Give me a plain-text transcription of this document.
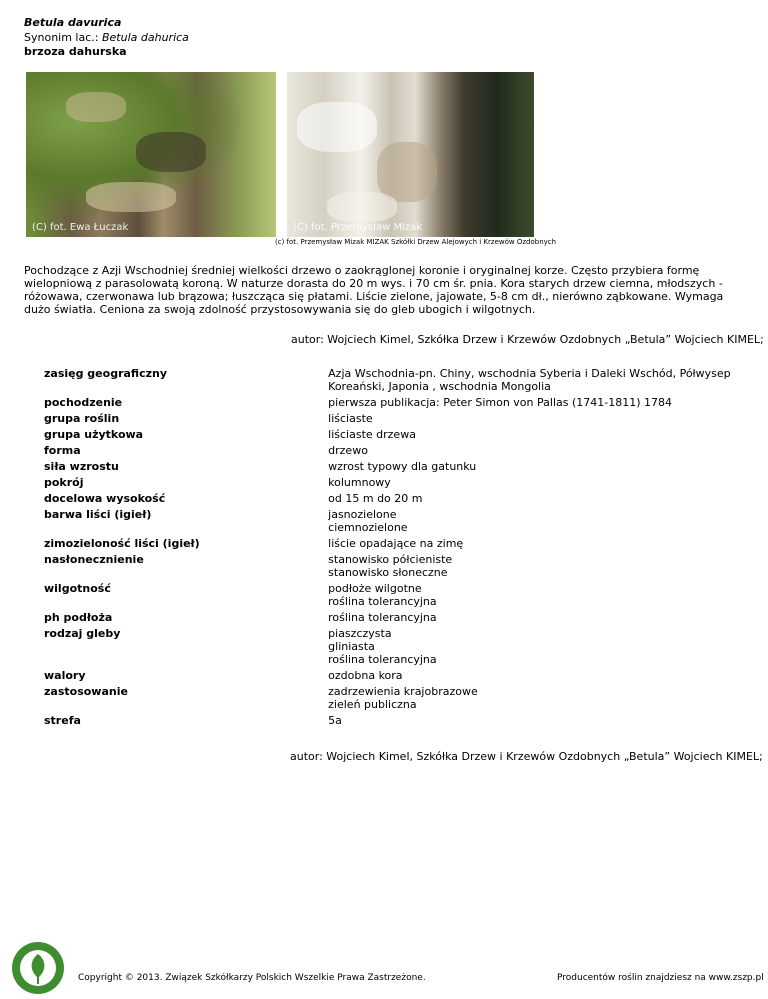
Betula davurica
Synonim lac.: Betula dahurica
brzoza dahurska
(C) fot. Ewa Łuczak	(C) fot. Przemysław Mizak
(c) fot. Przemysław Mizak MIZAK Szkółki Drzew Alejowych i Krzewów Ozdobnych
Pochodzące z Azji Wschodniej średniej wielkości drzewo o zaokrąglonej koronie i oryginalnej korze. Często przybiera formę wielopniową z parasolowatą koroną. W naturze dorasta do 20 m wys. i 70 cm śr. pnia. Kora starych drzew ciemna, młodszych - różowawa, czerwonawa lub brązowa; łuszcząca się płatami. Liście zielone, jajowate, 5-8 cm dł., nierówno ząbkowane. Wymaga dużo światła. Ceniona za swoją zdolność przystosowywania się do gleb ubogich i wilgotnych.
autor: Wojciech Kimel, Szkółka Drzew i Krzewów Ozdobnych „Betula” Wojciech KIMEL;
zasięg geograficzny	Azja Wschodnia-pn. Chiny, wschodnia Syberia i Daleki Wschód, Półwysep Koreański, Japonia , wschodnia Mongolia
pochodzenie	pierwsza publikacja: Peter Simon von Pallas (1741-1811) 1784
grupa roślin	liściaste
grupa użytkowa	liściaste drzewa
forma	drzewo
siła wzrostu	wzrost typowy dla gatunku
pokrój	kolumnowy
docelowa wysokość	od 15 m do 20 m
barwa liści (igieł)	jasnozielone
ciemnozielone
zimozieloność liści (igieł)	liście opadające na zimę
nasłonecznienie	stanowisko półcieniste
stanowisko słoneczne
wilgotność	podłoże wilgotne
roślina tolerancyjna
ph podłoża	roślina tolerancyjna
rodzaj gleby	piaszczysta
gliniasta
roślina tolerancyjna
walory	ozdobna kora
zastosowanie	zadrzewienia krajobrazowe
zieleń publiczna
strefa	5a
autor: Wojciech Kimel, Szkółka Drzew i Krzewów Ozdobnych „Betula” Wojciech KIMEL;
Copyright © 2013. Związek Szkółkarzy Polskich Wszelkie Prawa Zastrzeżone.	Producentów roślin znajdziesz na www.zszp.pl
